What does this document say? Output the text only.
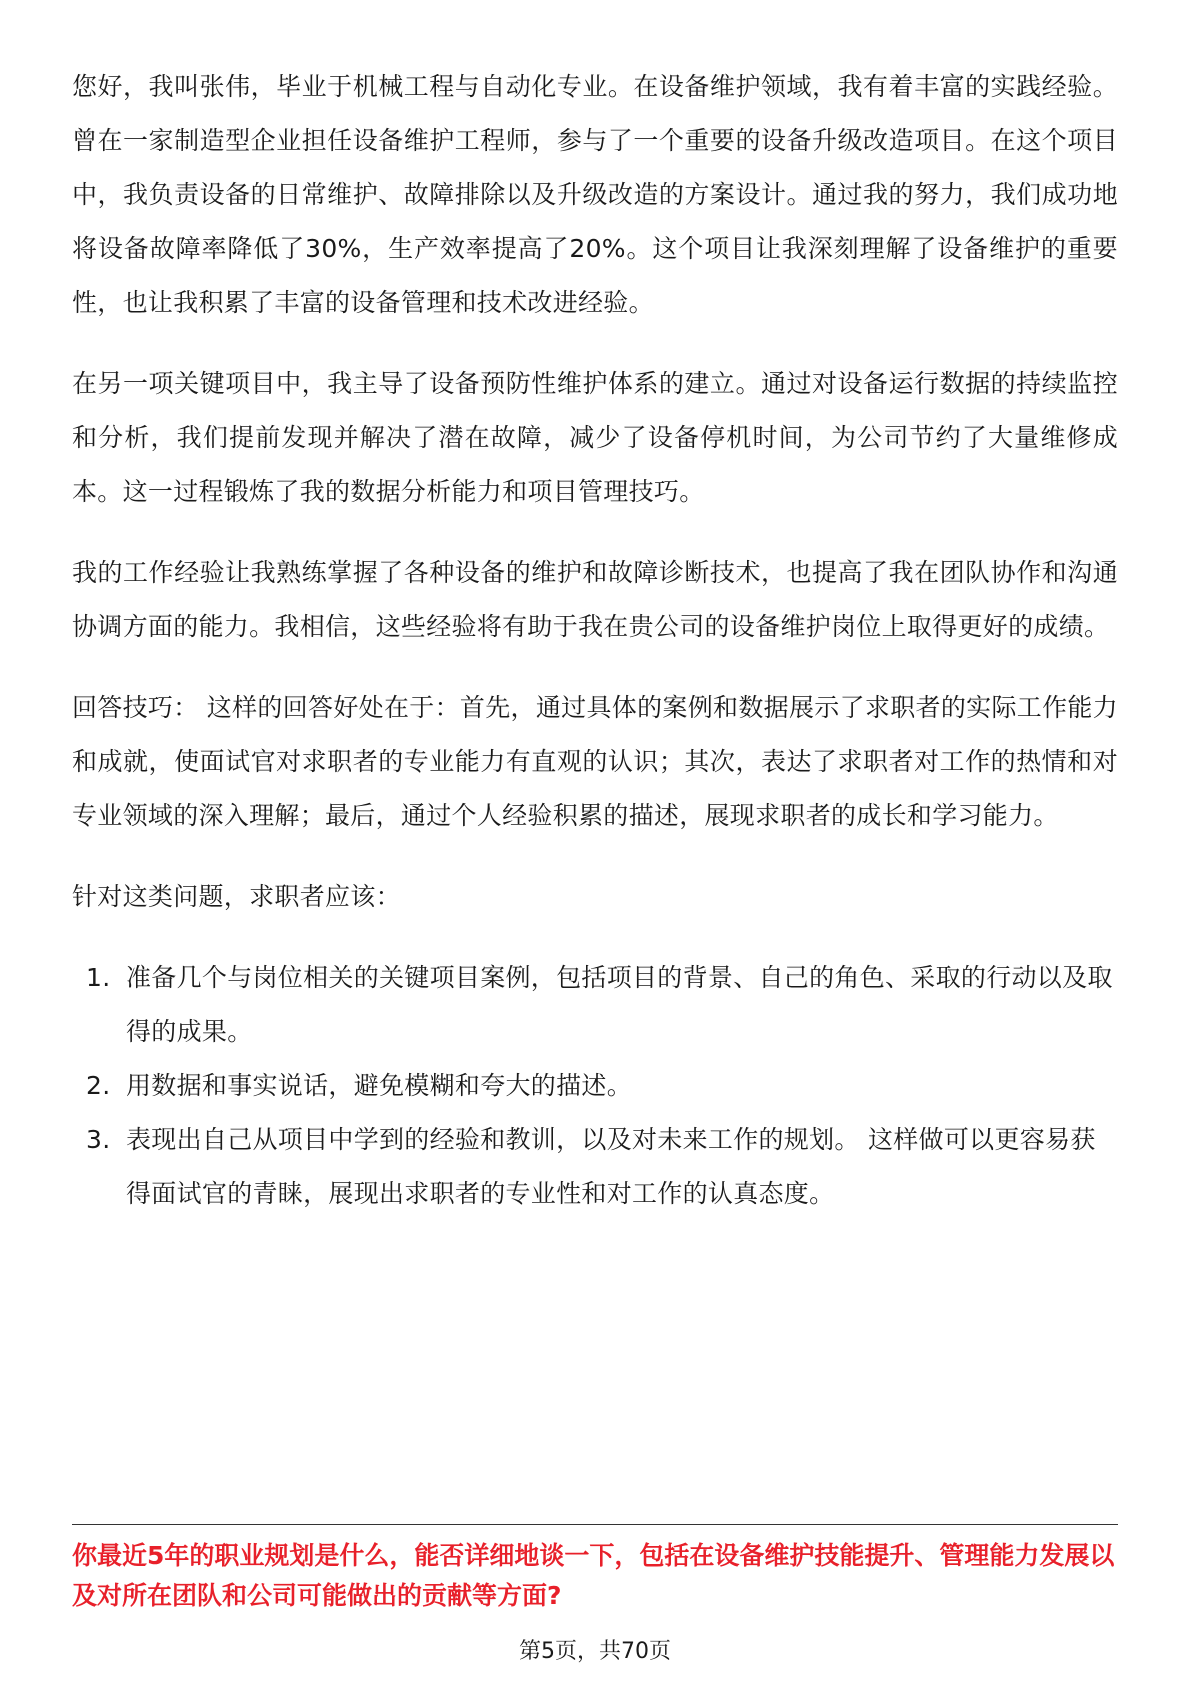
您好，我叫张伟，毕业于机械工程与自动化专业。在设备维护领域，我有着丰富的实践经验。曾在一家制造型企业担任设备维护工程师，参与了一个重要的设备升级改造项目。在这个项目中，我负责设备的日常维护、故障排除以及升级改造的方案设计。通过我的努力，我们成功地将设备故障率降低了30%，生产效率提高了20%。这个项目让我深刻理解了设备维护的重要性，也让我积累了丰富的设备管理和技术改进经验。

在另一项关键项目中，我主导了设备预防性维护体系的建立。通过对设备运行数据的持续监控和分析，我们提前发现并解决了潜在故障，减少了设备停机时间，为公司节约了大量维修成本。这一过程锻炼了我的数据分析能力和项目管理技巧。

我的工作经验让我熟练掌握了各种设备的维护和故障诊断技术，也提高了我在团队协作和沟通协调方面的能力。我相信，这些经验将有助于我在贵公司的设备维护岗位上取得更好的成绩。

回答技巧： 这样的回答好处在于：首先，通过具体的案例和数据展示了求职者的实际工作能力和成就，使面试官对求职者的专业能力有直观的认识；其次，表达了求职者对工作的热情和对专业领域的深入理解；最后，通过个人经验积累的描述，展现求职者的成长和学习能力。

针对这类问题，求职者应该：

1. 准备几个与岗位相关的关键项目案例，包括项目的背景、自己的角色、采取的行动以及取得的成果。
2. 用数据和事实说话，避免模糊和夸大的描述。
3. 表现出自己从项目中学到的经验和教训，以及对未来工作的规划。 这样做可以更容易获得面试官的青睐，展现出求职者的专业性和对工作的认真态度。
你最近5年的职业规划是什么，能否详细地谈一下，包括在设备维护技能提升、管理能力发展以及对所在团队和公司可能做出的贡献等方面?
第5页，共70页
